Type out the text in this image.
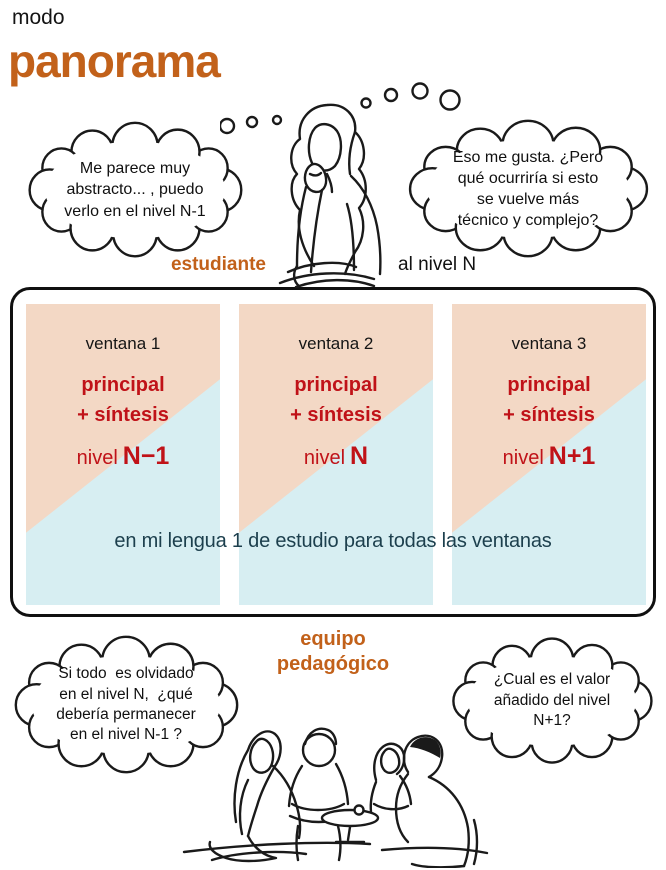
modo
panorama
Me parece muy
abstracto... , puedo
verlo en el nivel N-1
Eso me gusta. ¿Pero
qué ocurriría si esto
se vuelve más
técnico y complejo?
estudiante	al nivel N
ventana 1
principal
+ síntesis
nivel N−1
ventana 2
principal
+ síntesis
nivel N
ventana 3
principal
+ síntesis
nivel N+1
en mi lengua 1 de estudio para todas las ventanas
equipo
pedagógico
Si todo  es olvidado
en el nivel N,  ¿qué
debería permanecer
en el nivel N-1 ?
¿Cual es el valor
añadido del nivel
N+1?
